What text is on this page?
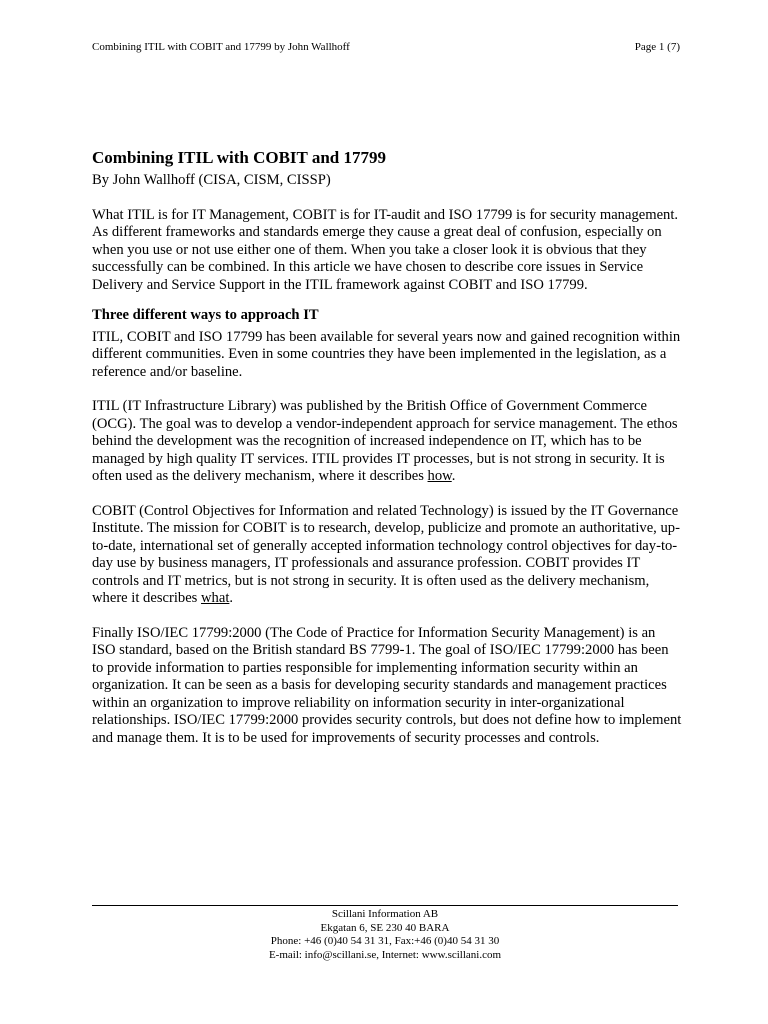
Combining ITIL with COBIT and 17799 by John Wallhoff	Page 1 (7)
Combining ITIL with COBIT and 17799

By John Wallhoff (CISA, CISM, CISSP)

What ITIL is for IT Management, COBIT is for IT-audit and ISO 17799 is for security management. As different frameworks and standards emerge they cause a great deal of confusion, especially on when you use or not use either one of them. When you take a closer look it is obvious that they successfully can be combined. In this article we have chosen to describe core issues in Service Delivery and Service Support in the ITIL framework against COBIT and ISO 17799.

Three different ways to approach IT

ITIL, COBIT and ISO 17799 has been available for several years now and gained recognition within different communities. Even in some countries they have been implemented in the legislation, as a reference and/or baseline.

ITIL (IT Infrastructure Library) was published by the British Office of Government Commerce (OCG). The goal was to develop a vendor-independent approach for service management. The ethos behind the development was the recognition of increased independence on IT, which has to be managed by high quality IT services. ITIL provides IT processes, but is not strong in security. It is often used as the delivery mechanism, where it describes how.

COBIT (Control Objectives for Information and related Technology) is issued by the IT Governance Institute. The mission for COBIT is to research, develop, publicize and promote an authoritative, up-to-date, international set of generally accepted information technology control objectives for day-to-day use by business managers, IT professionals and assurance profession. COBIT provides IT controls and IT metrics, but is not strong in security. It is often used as the delivery mechanism, where it describes what.

Finally ISO/IEC 17799:2000 (The Code of Practice for Information Security Management) is an ISO standard, based on the British standard BS 7799-1. The goal of ISO/IEC 17799:2000 has been to provide information to parties responsible for implementing information security within an organization. It can be seen as a basis for developing security standards and management practices within an organization to improve reliability on information security in inter-organizational relationships. ISO/IEC 17799:2000 provides security controls, but does not define how to implement and manage them. It is to be used for improvements of security processes and controls.

Scillani Information AB
Ekgatan 6, SE 230 40 BARA
Phone: +46 (0)40 54 31 31, Fax:+46 (0)40 54 31 30
E-mail: info@scillani.se, Internet: www.scillani.com
